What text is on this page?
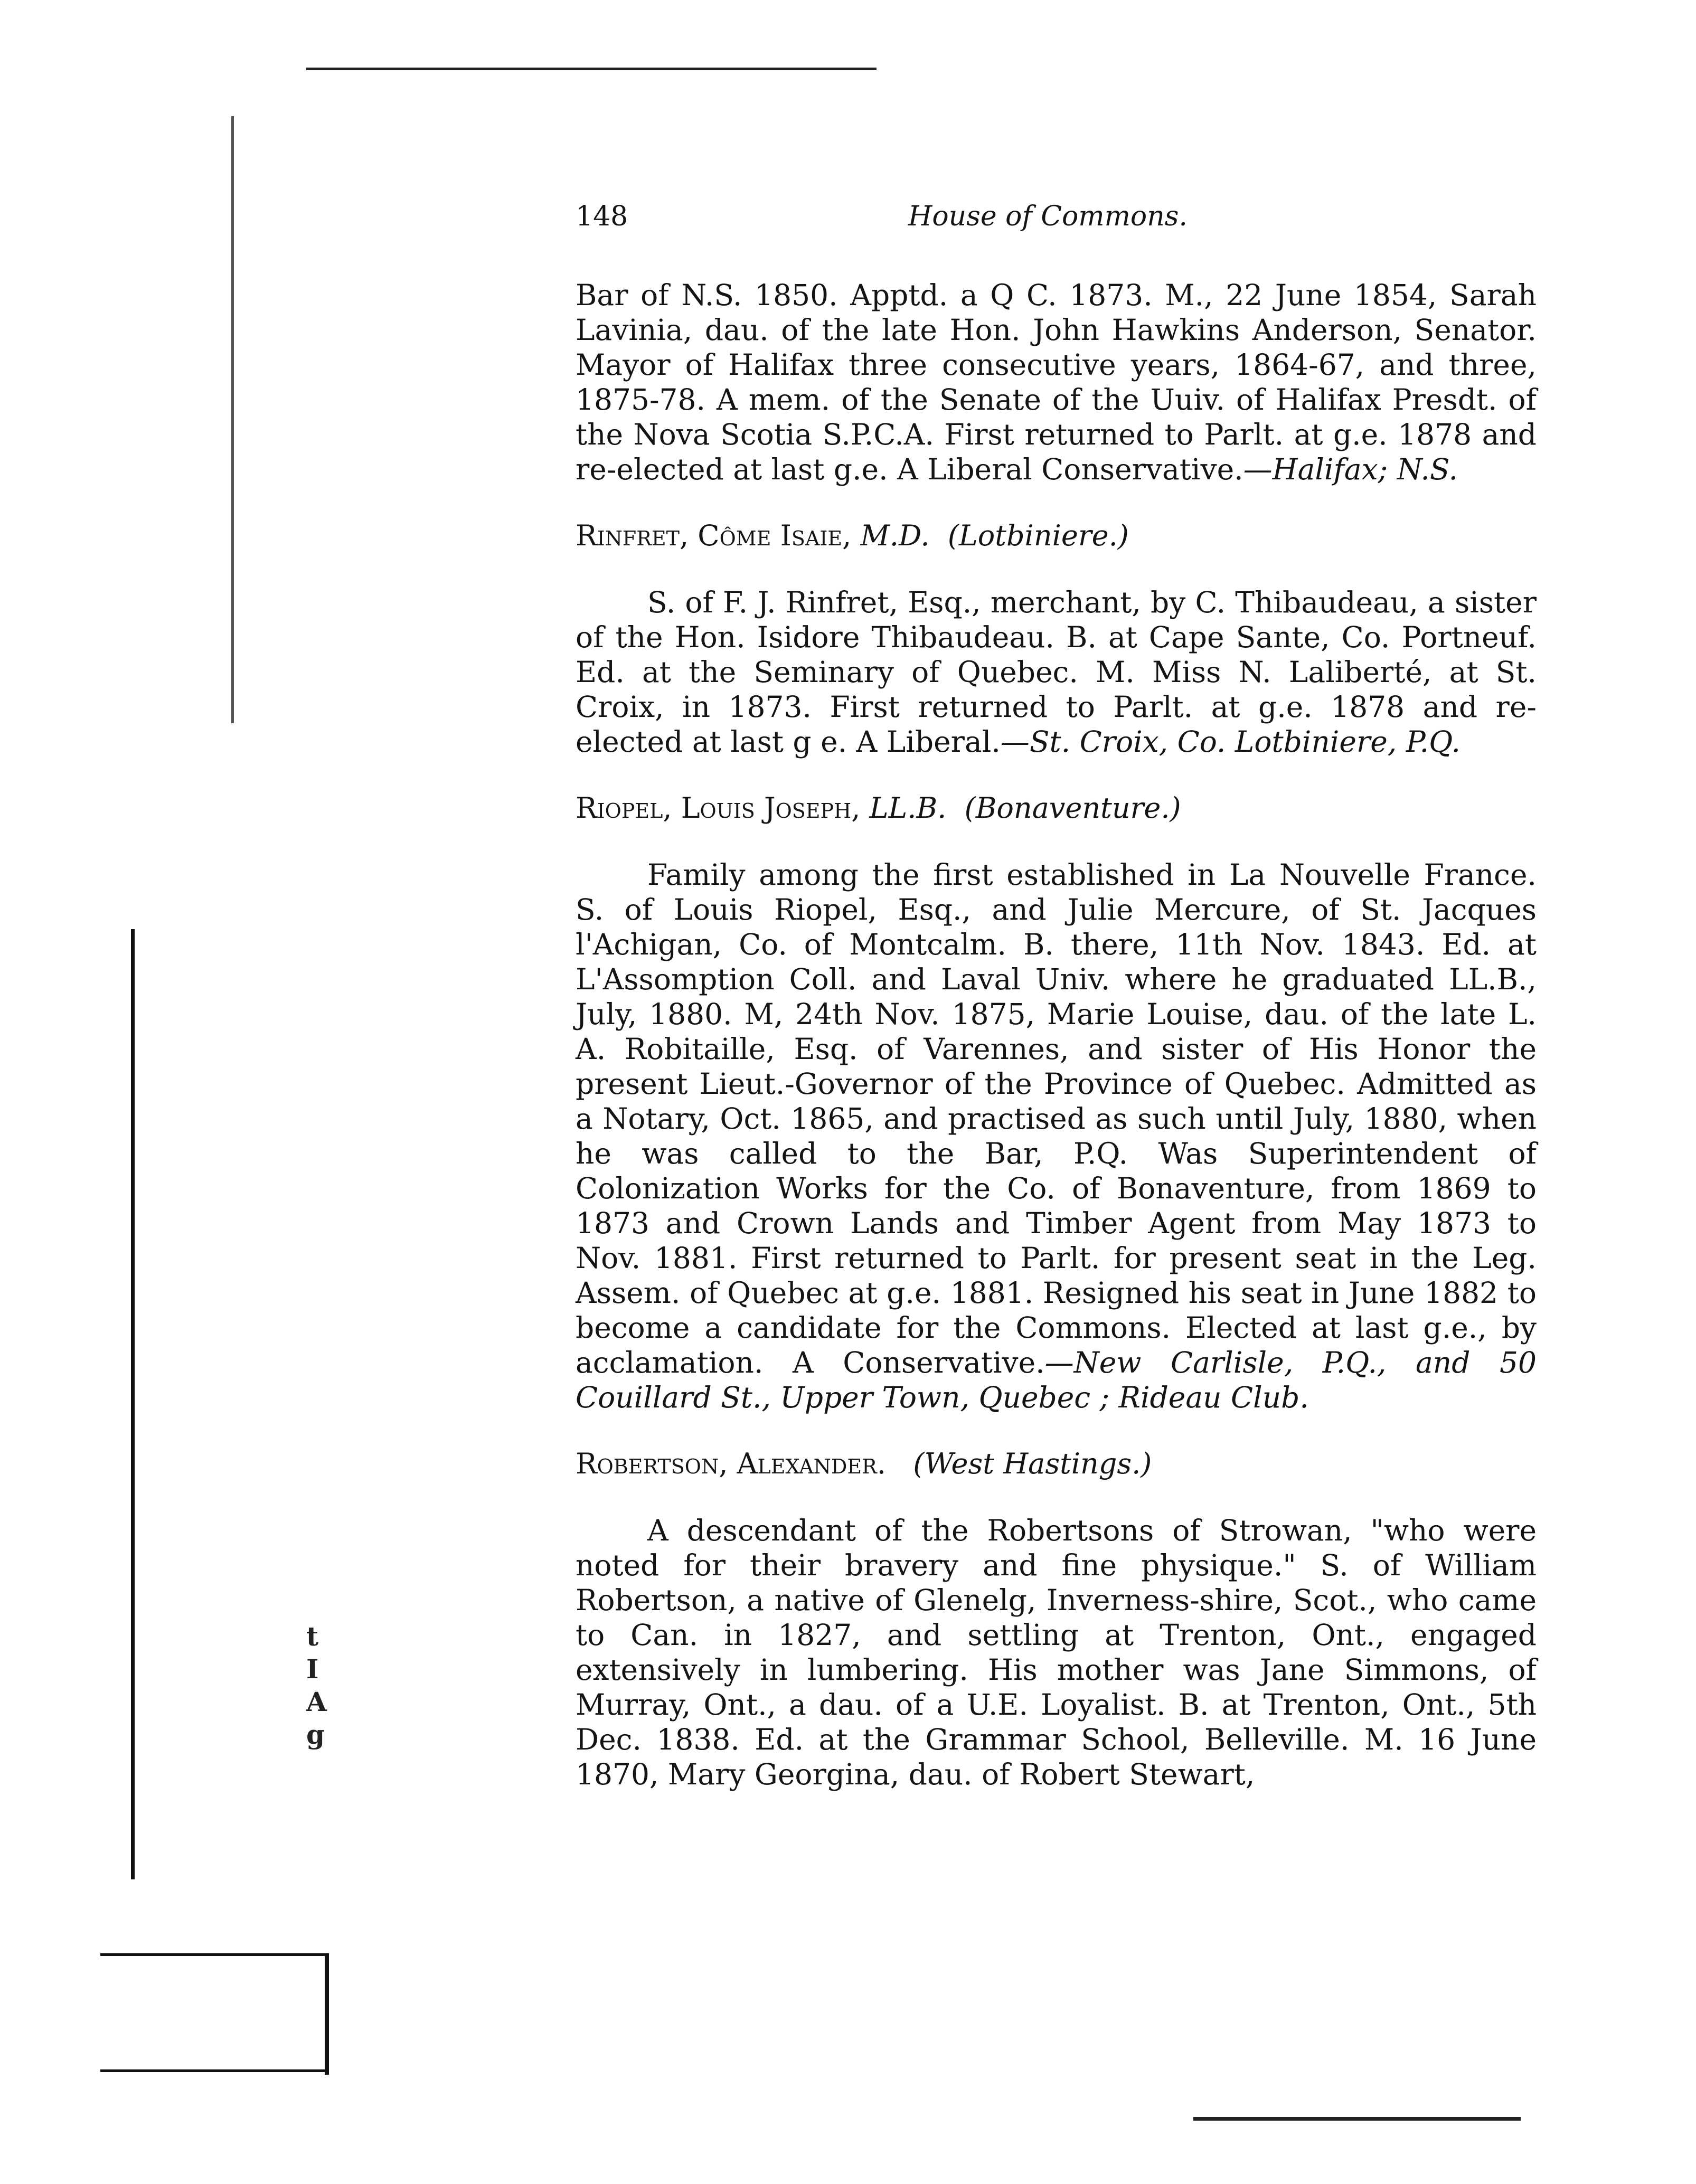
t
I
A
g
148	House of Commons.

Bar of N.S. 1850. Apptd. a Q C. 1873. M., 22 June 1854, Sarah Lavinia, dau. of the late Hon. John Hawkins Anderson, Senator. Mayor of Halifax three consecutive years, 1864-67, and three, 1875-78. A mem. of the Senate of the Uuiv. of Halifax Presdt. of the Nova Scotia S.P.C.A. First returned to Parlt. at g.e. 1878 and re-elected at last g.e. A Liberal Conservative.—Halifax; N.S.

Rinfret, Côme Isaie, M.D. (Lotbiniere.)

S. of F. J. Rinfret, Esq., merchant, by C. Thibaudeau, a sister of the Hon. Isidore Thibaudeau. B. at Cape Sante, Co. Portneuf. Ed. at the Seminary of Quebec. M. Miss N. Laliberté, at St. Croix, in 1873. First returned to Parlt. at g.e. 1878 and re-elected at last g e. A Liberal.—St. Croix, Co. Lotbiniere, P.Q.

Riopel, Louis Joseph, LL.B. (Bonaventure.)

Family among the first established in La Nouvelle France. S. of Louis Riopel, Esq., and Julie Mercure, of St. Jacques l'Achigan, Co. of Montcalm. B. there, 11th Nov. 1843. Ed. at L'Assomption Coll. and Laval Univ. where he graduated LL.B., July, 1880. M, 24th Nov. 1875, Marie Louise, dau. of the late L. A. Robitaille, Esq. of Varennes, and sister of His Honor the present Lieut.-Governor of the Province of Quebec. Admitted as a Notary, Oct. 1865, and practised as such until July, 1880, when he was called to the Bar, P.Q. Was Superintendent of Colonization Works for the Co. of Bonaventure, from 1869 to 1873 and Crown Lands and Timber Agent from May 1873 to Nov. 1881. First returned to Parlt. for present seat in the Leg. Assem. of Quebec at g.e. 1881. Resigned his seat in June 1882 to become a candidate for the Commons. Elected at last g.e., by acclamation. A Conservative.—New Carlisle, P.Q., and 50 Couillard St., Upper Town, Quebec ; Rideau Club.

Robertson, Alexander. (West Hastings.)

A descendant of the Robertsons of Strowan, "who were noted for their bravery and fine physique." S. of William Robertson, a native of Glenelg, Inverness-shire, Scot., who came to Can. in 1827, and settling at Trenton, Ont., engaged extensively in lumbering. His mother was Jane Simmons, of Murray, Ont., a dau. of a U.E. Loyalist. B. at Trenton, Ont., 5th Dec. 1838. Ed. at the Grammar School, Belleville. M. 16 June 1870, Mary Georgina, dau. of Robert Stewart,
